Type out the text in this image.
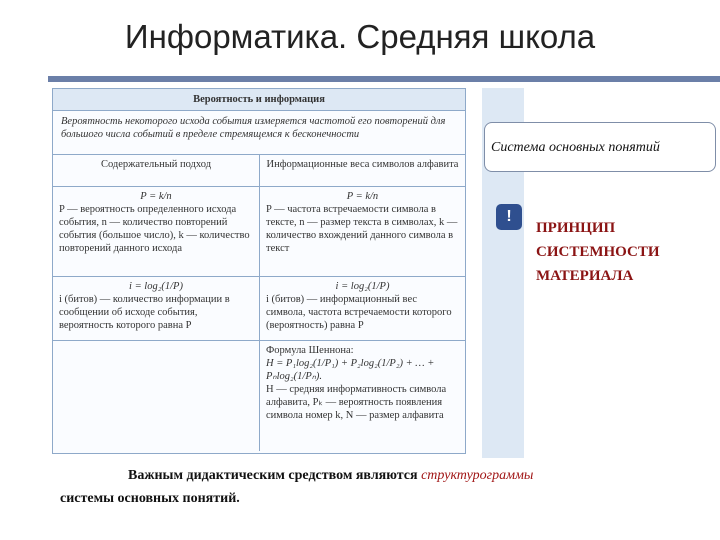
Информатика. Средняя школа
Вероятность и информация
Вероятность некоторого исхода события измеряется частотой его повторений для большого числа событий в пределе стремящемся к бесконечности
Содержательный подход	Информационные веса символов алфавита
P = k/n
P — вероятность определенного исхода события, n — количество повторений события (большое число), k — количество повторений данного исхода
P = k/n
P — частота встречаемости символа в тексте, n — размер текста в символах, k — количество вхождений данного символа в текст
i = log₂(1/P)
i (битов) — количество информации в сообщении об исходе события, вероятность которого равна P
i = log₂(1/P)
i (битов) — информационный вес символа, частота встречаемости которого (вероятность) равна P
Формула Шеннона:
H = P₁log₂(1/P₁) + P₂log₂(1/P₂) + … + Pₙlog₂(1/Pₙ).
H — средняя информативность символа алфавита, Pₖ — вероятность появления символа номер k, N — размер алфавита
Система основных понятий
!
ПРИНЦИП
СИСТЕМНОСТИ
МАТЕРИАЛА
Важным дидактическим средством являются структурограммы
системы основных понятий.
